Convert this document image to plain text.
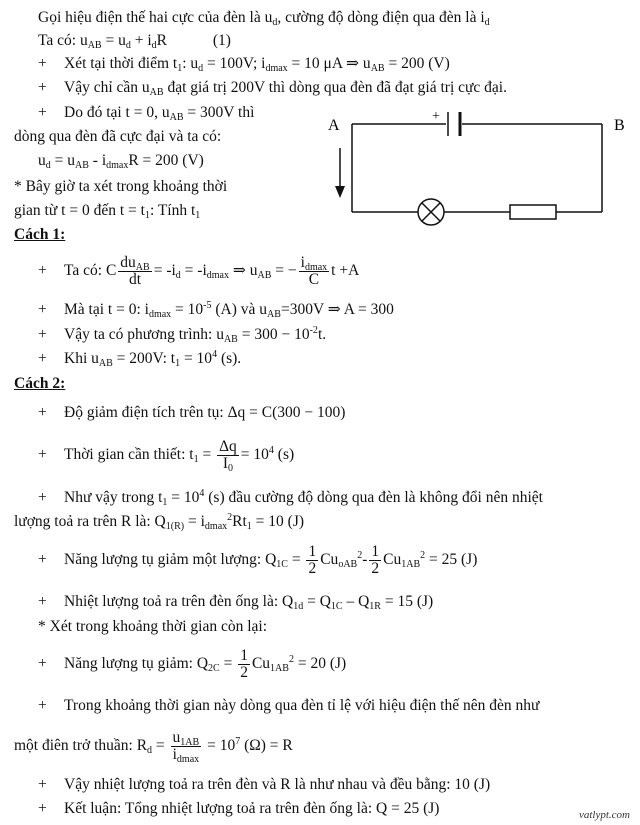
Gọi hiệu điện thế hai cực của đèn là $u_d$, cường độ dòng điện qua đèn là $i_d$
Ta có: $u_{AB} = u_d + i_dR$	(1)
+ Xét tại thời điểm $t_1$: $u_d = 100V$; $i_{dmax} = 10$ μA ⇒ $u_{AB} = 200$ (V)
+ Vậy chỉ cần $u_{AB}$ đạt giá trị 200V thì dòng qua đèn đã đạt giá trị cực đại.
+ Do đó tại t = 0, $u_{AB} = 300V$ thì
dòng qua đèn đã cực đại và ta có:
$u_d = u_{AB} - i_{dmax}R = 200$ (V)
* Bây giờ ta xét trong khoảng thời
gian từ t = 0 đến $t = t_1$: Tính $t_1$
A	B
+
Cách 1:
+ Ta có: C $\frac{du_{AB}}{dt} = -i_d = -i_{dmax}$ ⇒ $u_{AB}$ = − $\frac{i_{dmax}}{C}$ t +A
+ Mà tại t = 0: $i_{dmax} = 10^{-5}$ (A) và $u_{AB}=300V$ ⇒ A = 300
+ Vậy ta có phương trình: $u_{AB} = 300 - 10^{-2}t$.
+ Khi $u_{AB} = 200V$: $t_1 = 10^4$ (s).
Cách 2:
+ Độ giảm điện tích trên tụ: Δq = C(300 − 100)
+ Thời gian cần thiết: $t_1 = \frac{\Delta q}{I_0} = 10^4$ (s)
+ Như vậy trong $t_1 = 10^4$ (s) đầu cường độ dòng qua đèn là không đổi nên nhiệt
lượng toả ra trên R là: $Q_{1(R)} = i_{dmax}^2Rt_1 = 10$ (J)
+ Năng lượng tụ giảm một lượng: $Q_{1C} = \frac{1}{2} Cu_{oAB}^2- \frac{1}{2} Cu_{1AB}^2 = 25$ (J)
+ Nhiệt lượng toả ra trên đèn ống là: $Q_{1d} = Q_{1C} - Q_{1R} = 15$ (J)
* Xét trong khoảng thời gian còn lại:
+ Năng lượng tụ giảm: $Q_{2C} = \frac{1}{2} Cu_{1AB}^2 = 20$ (J)
+ Trong khoảng thời gian này dòng qua đèn tỉ lệ với hiệu điện thế nên đèn như
một điên trở thuần: $R_d = \frac{u_{1AB}}{i_{dmax}} = 10^7$ (Ω) = R
+ Vậy nhiệt lượng toả ra trên đèn và R là như nhau và đều bằng: 10 (J)
+ Kết luận: Tổng nhiệt lượng toả ra trên đèn ống là: Q = 25 (J)	vatlypt.com
